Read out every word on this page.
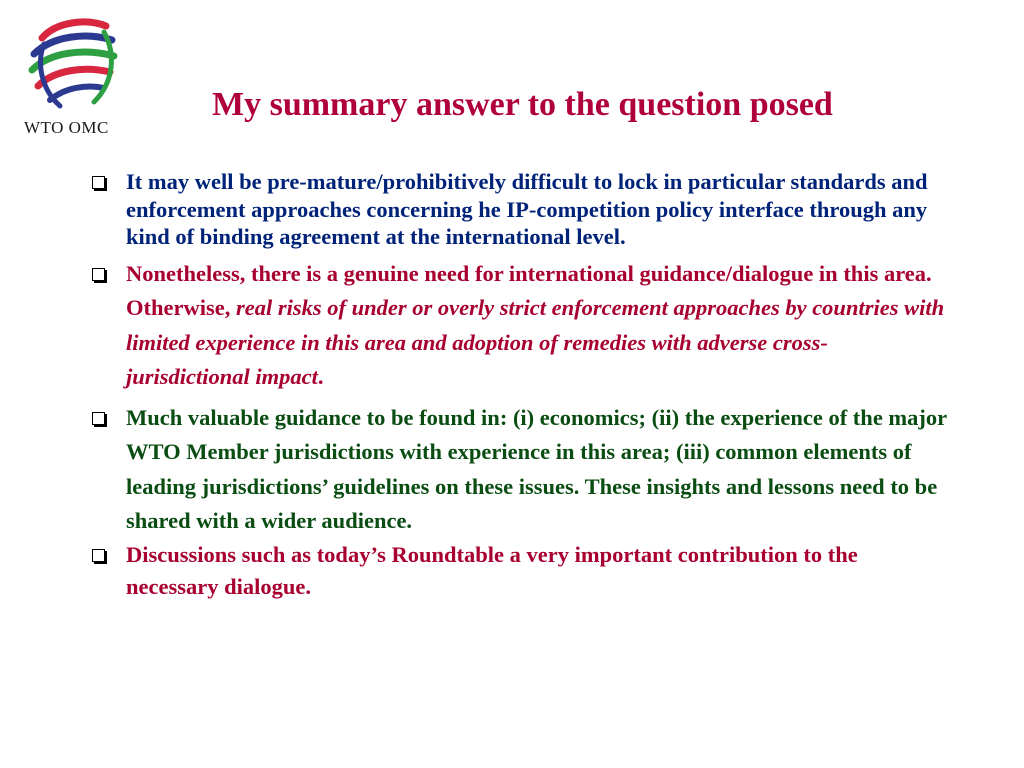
WTO OMC
My summary answer to the question posed
It may well be pre-mature/prohibitively difficult to lock in particular standards and enforcement approaches concerning he IP-competition policy interface through any kind of binding agreement at the international level.
Nonetheless, there is a genuine need for international guidance/dialogue in this area. Otherwise, real risks of under or overly strict enforcement approaches by countries with limited experience in this area and adoption of remedies with adverse cross-jurisdictional impact.
Much valuable guidance to be found in: (i) economics; (ii) the experience of the major WTO Member jurisdictions with experience in this area; (iii) common elements of leading jurisdictions’ guidelines on these issues. These insights and lessons need to be shared with a wider audience.
Discussions such as today’s Roundtable a very important contribution to the necessary dialogue.
